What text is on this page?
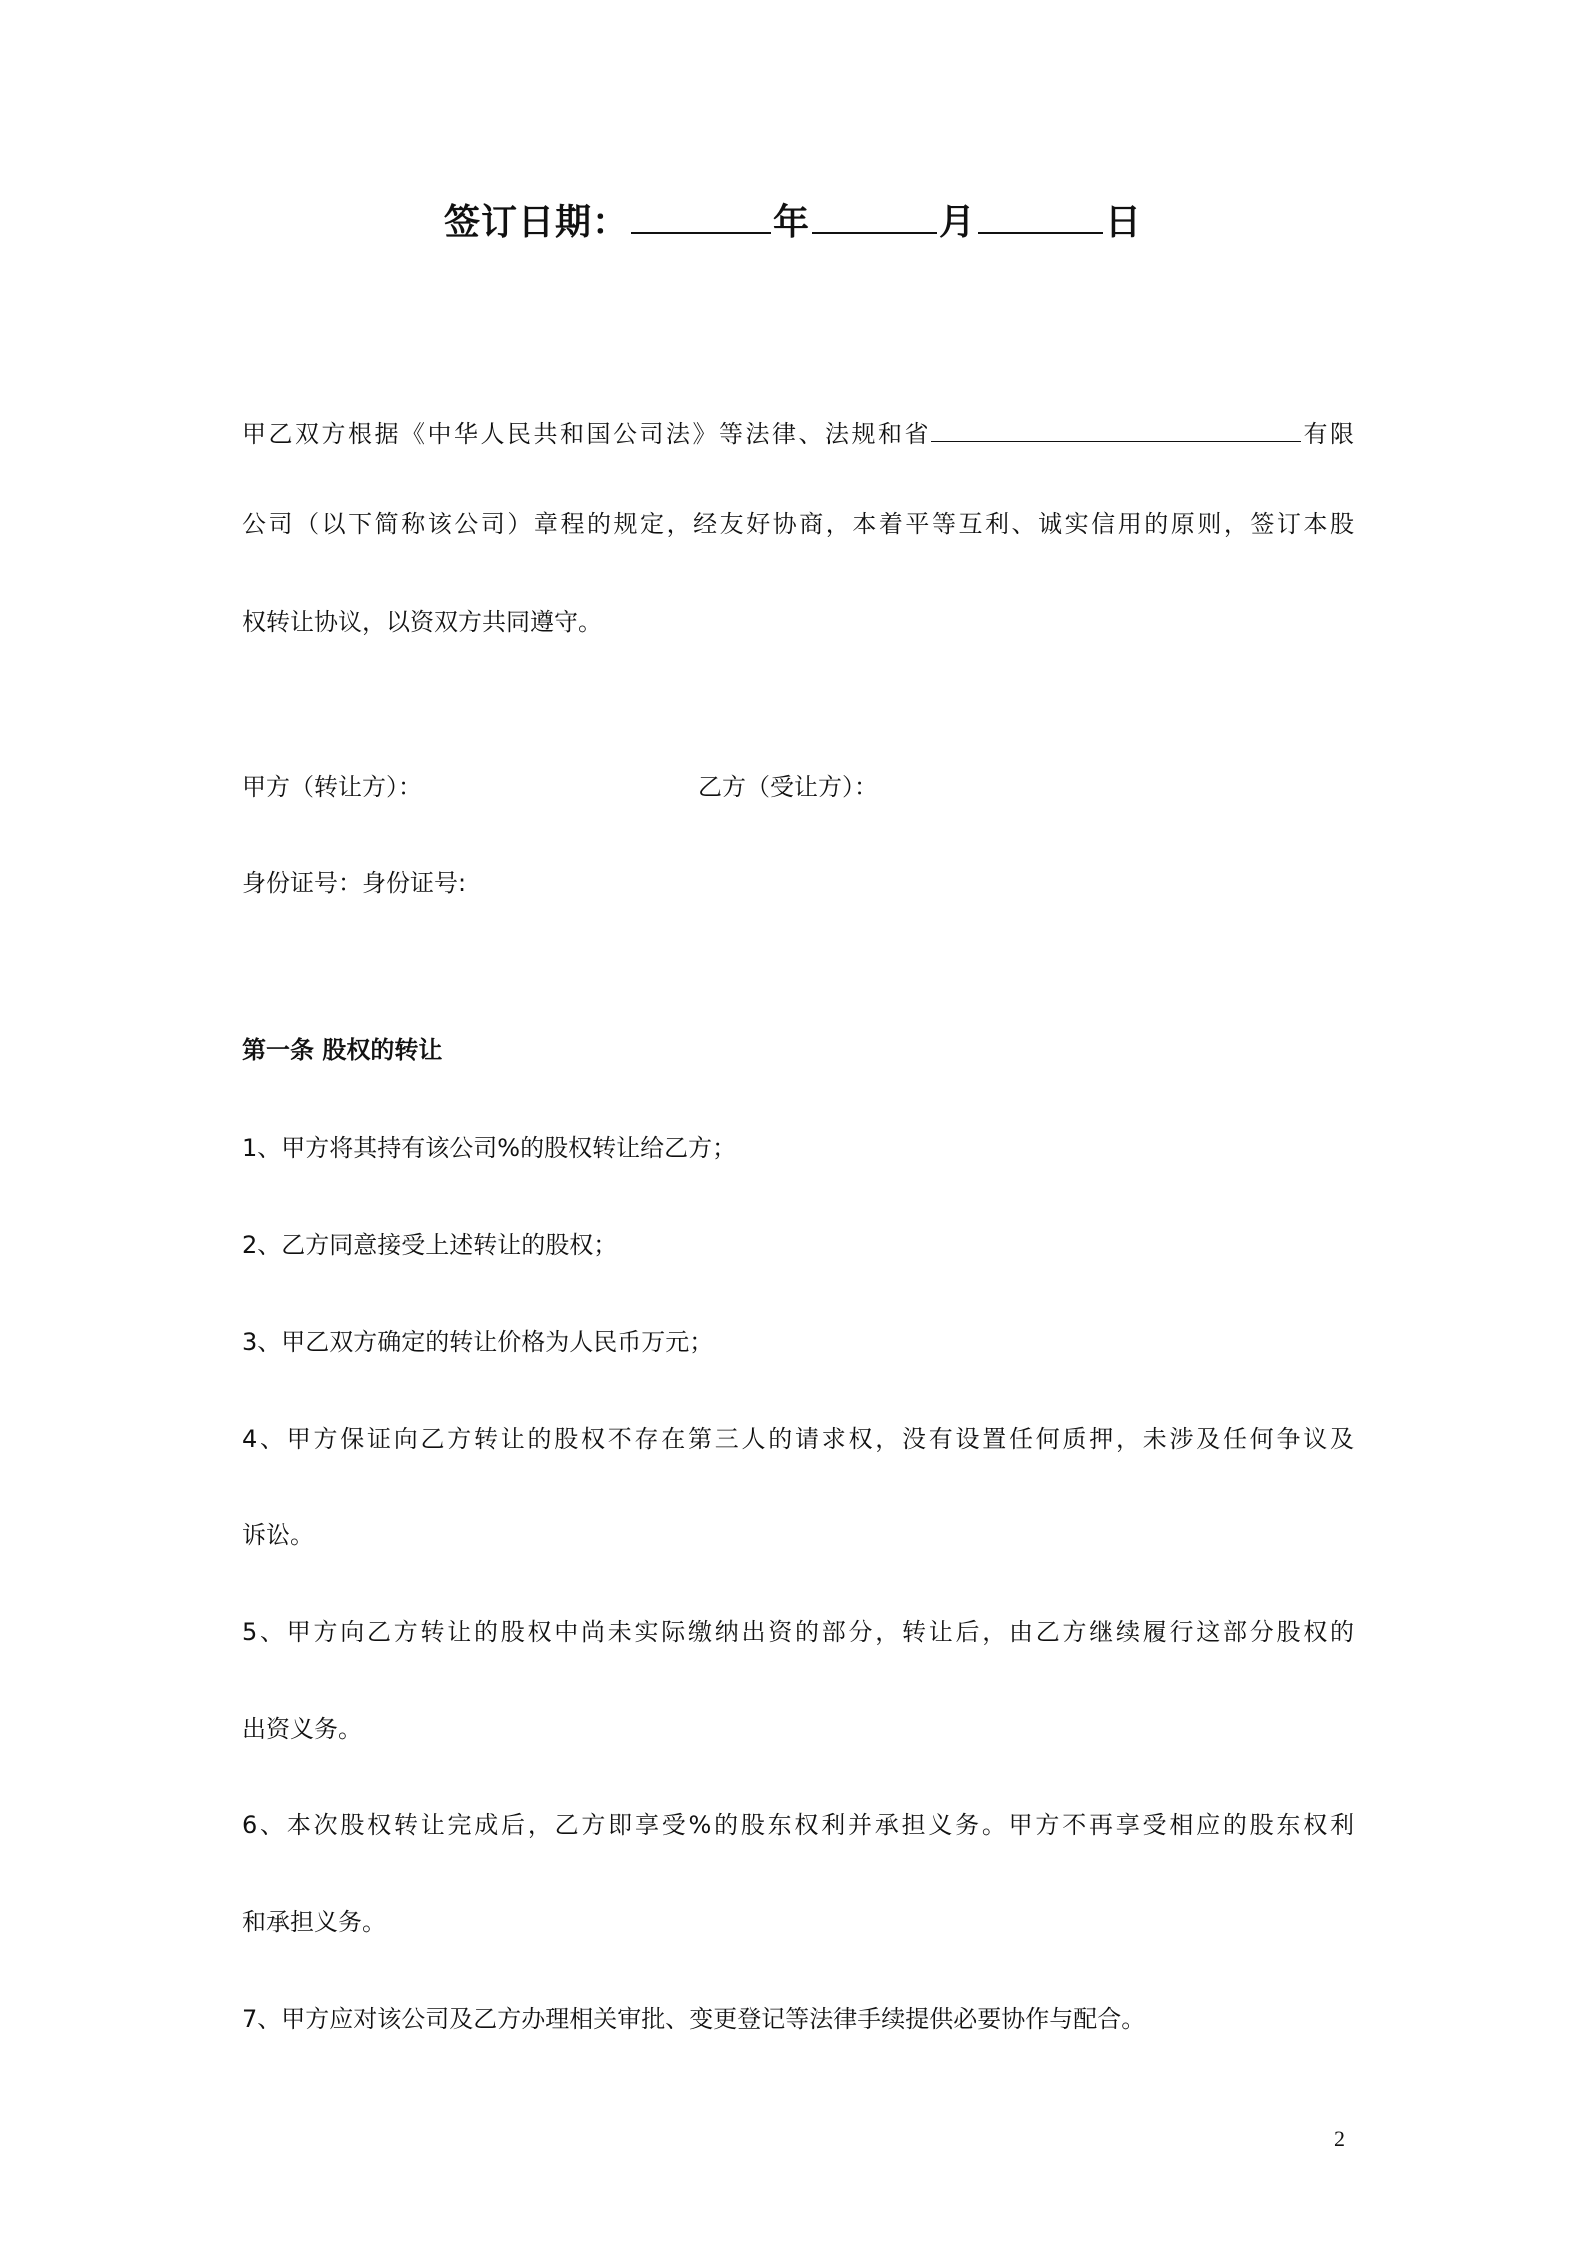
签订日期：	年	月	日
甲乙双方根据《中华人民共和国公司法》等法律、法规和省	有限
公司（以下简称该公司）章程的规定，经友好协商，本着平等互利、诚实信用的原则，签订本股
权转让协议，以资双方共同遵守。
甲方（转让方）：	乙方（受让方）：
身份证号：身份证号:
第一条 股权的转让
1、甲方将其持有该公司%的股权转让给乙方；
2、乙方同意接受上述转让的股权；
3、甲乙双方确定的转让价格为人民币万元；
4、甲方保证向乙方转让的股权不存在第三人的请求权，没有设置任何质押，未涉及任何争议及
诉讼。
5、甲方向乙方转让的股权中尚未实际缴纳出资的部分，转让后，由乙方继续履行这部分股权的
出资义务。
6、本次股权转让完成后，乙方即享受%的股东权利并承担义务。甲方不再享受相应的股东权利
和承担义务。
7、甲方应对该公司及乙方办理相关审批、变更登记等法律手续提供必要协作与配合。
2
